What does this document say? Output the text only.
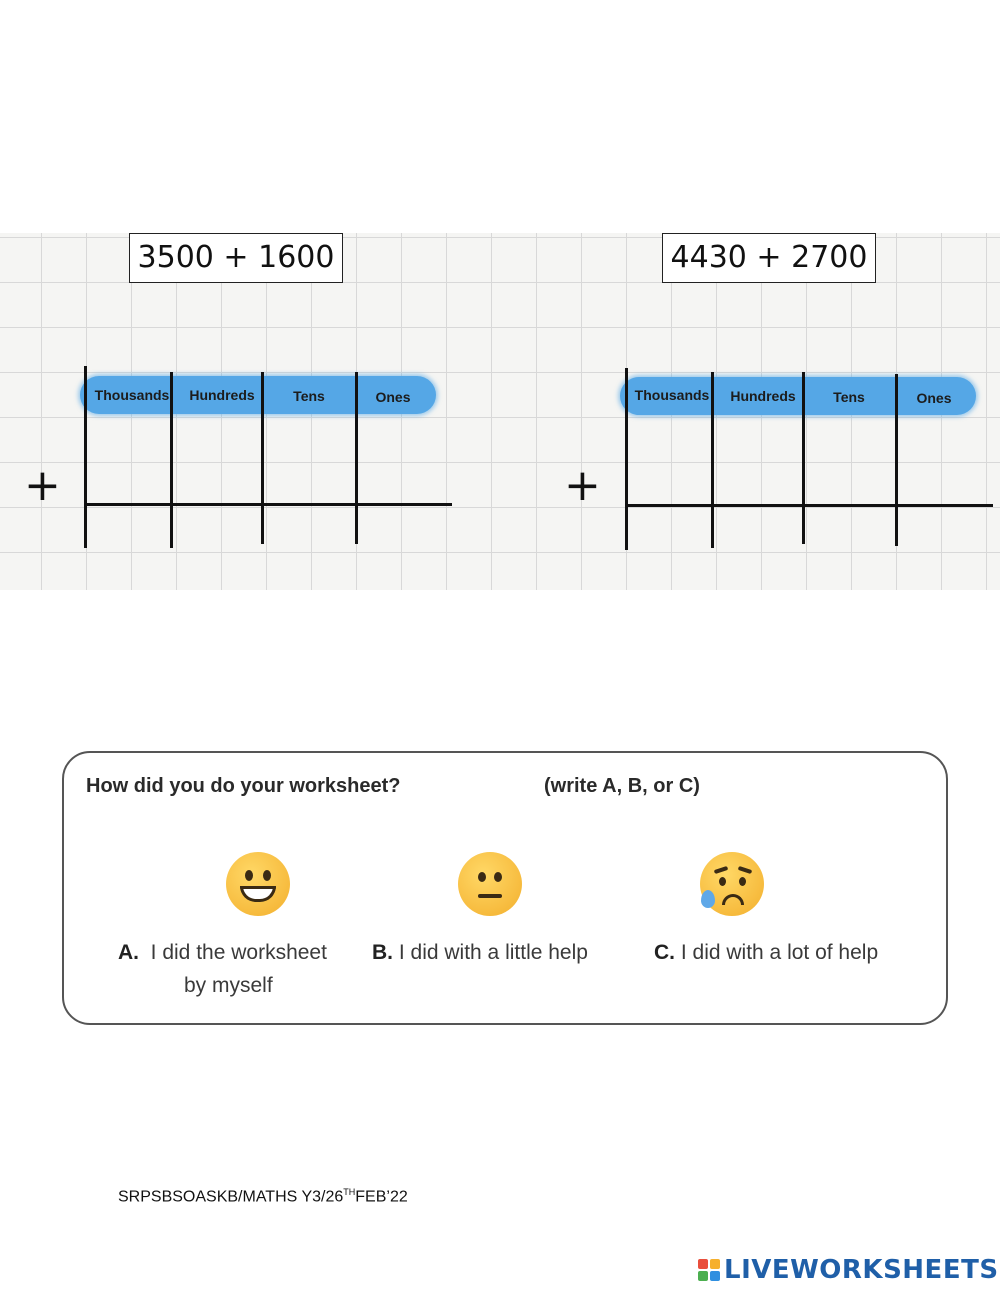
3500 + 1600
Thousands Hundreds	Tens	Ones
+
4430 + 2700
Thousands Hundreds	Tens	Ones
+
How did you do your worksheet?	(write A, B, or C)
A. I did the worksheet
by myself
B. I did with a little help	C. I did with a lot of help
SRPSBSOASKB/MATHS Y3/26THFEB’22
LIVEWORKSHEETS
